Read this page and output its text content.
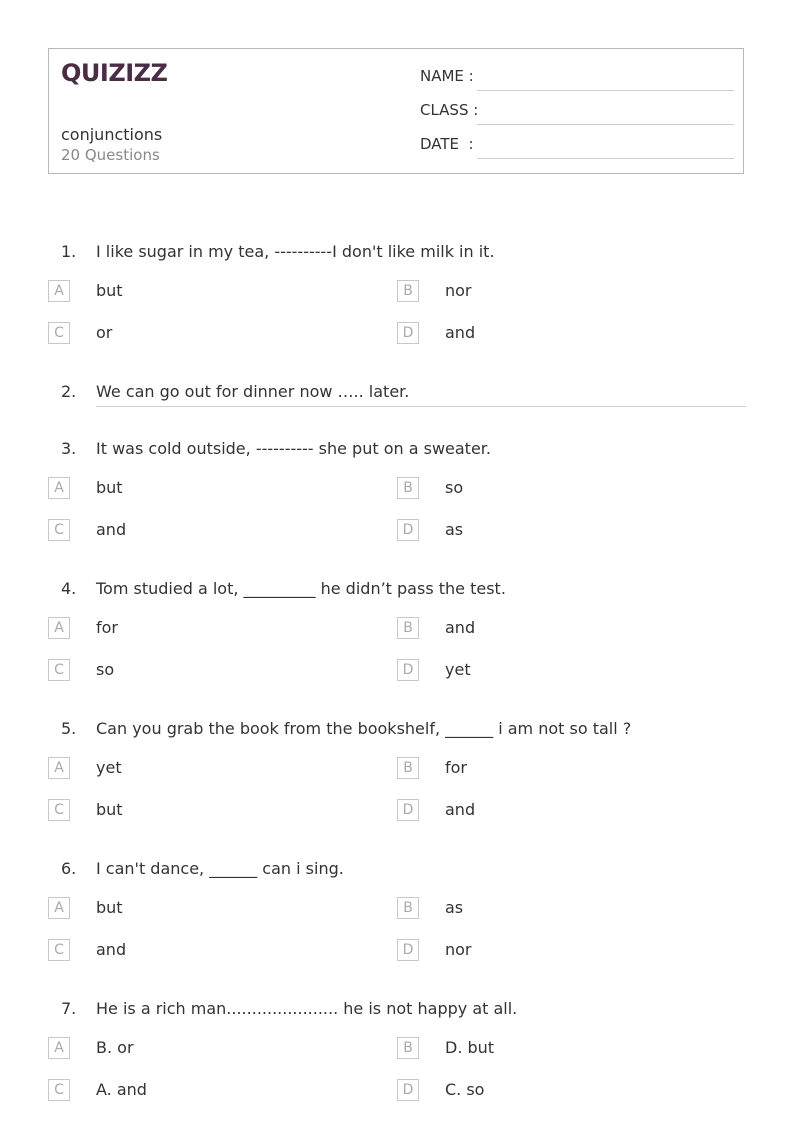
QUIZIZZ
conjunctions
20 Questions
NAME :
CLASS :
DATE  :
1. I like sugar in my tea, ----------I don't like milk in it.
A	but	B	nor
C	or	D	and
2. We can go out for dinner now ….. later.
3. It was cold outside, ---------- she put on a sweater.
A	but	B	so
C	and	D	as
4. Tom studied a lot, _________ he didn’t pass the test.
A	for	B	and
C	so	D	yet
5. Can you grab the book from the bookshelf, ______ i am not so tall ?
A	yet	B	for
C	but	D	and
6. I can't dance, ______ can i sing.
A	but	B	as
C	and	D	nor
7. He is a rich man...................... he is not happy at all.
A	B. or	B	D. but
C	A. and	D	C. so
